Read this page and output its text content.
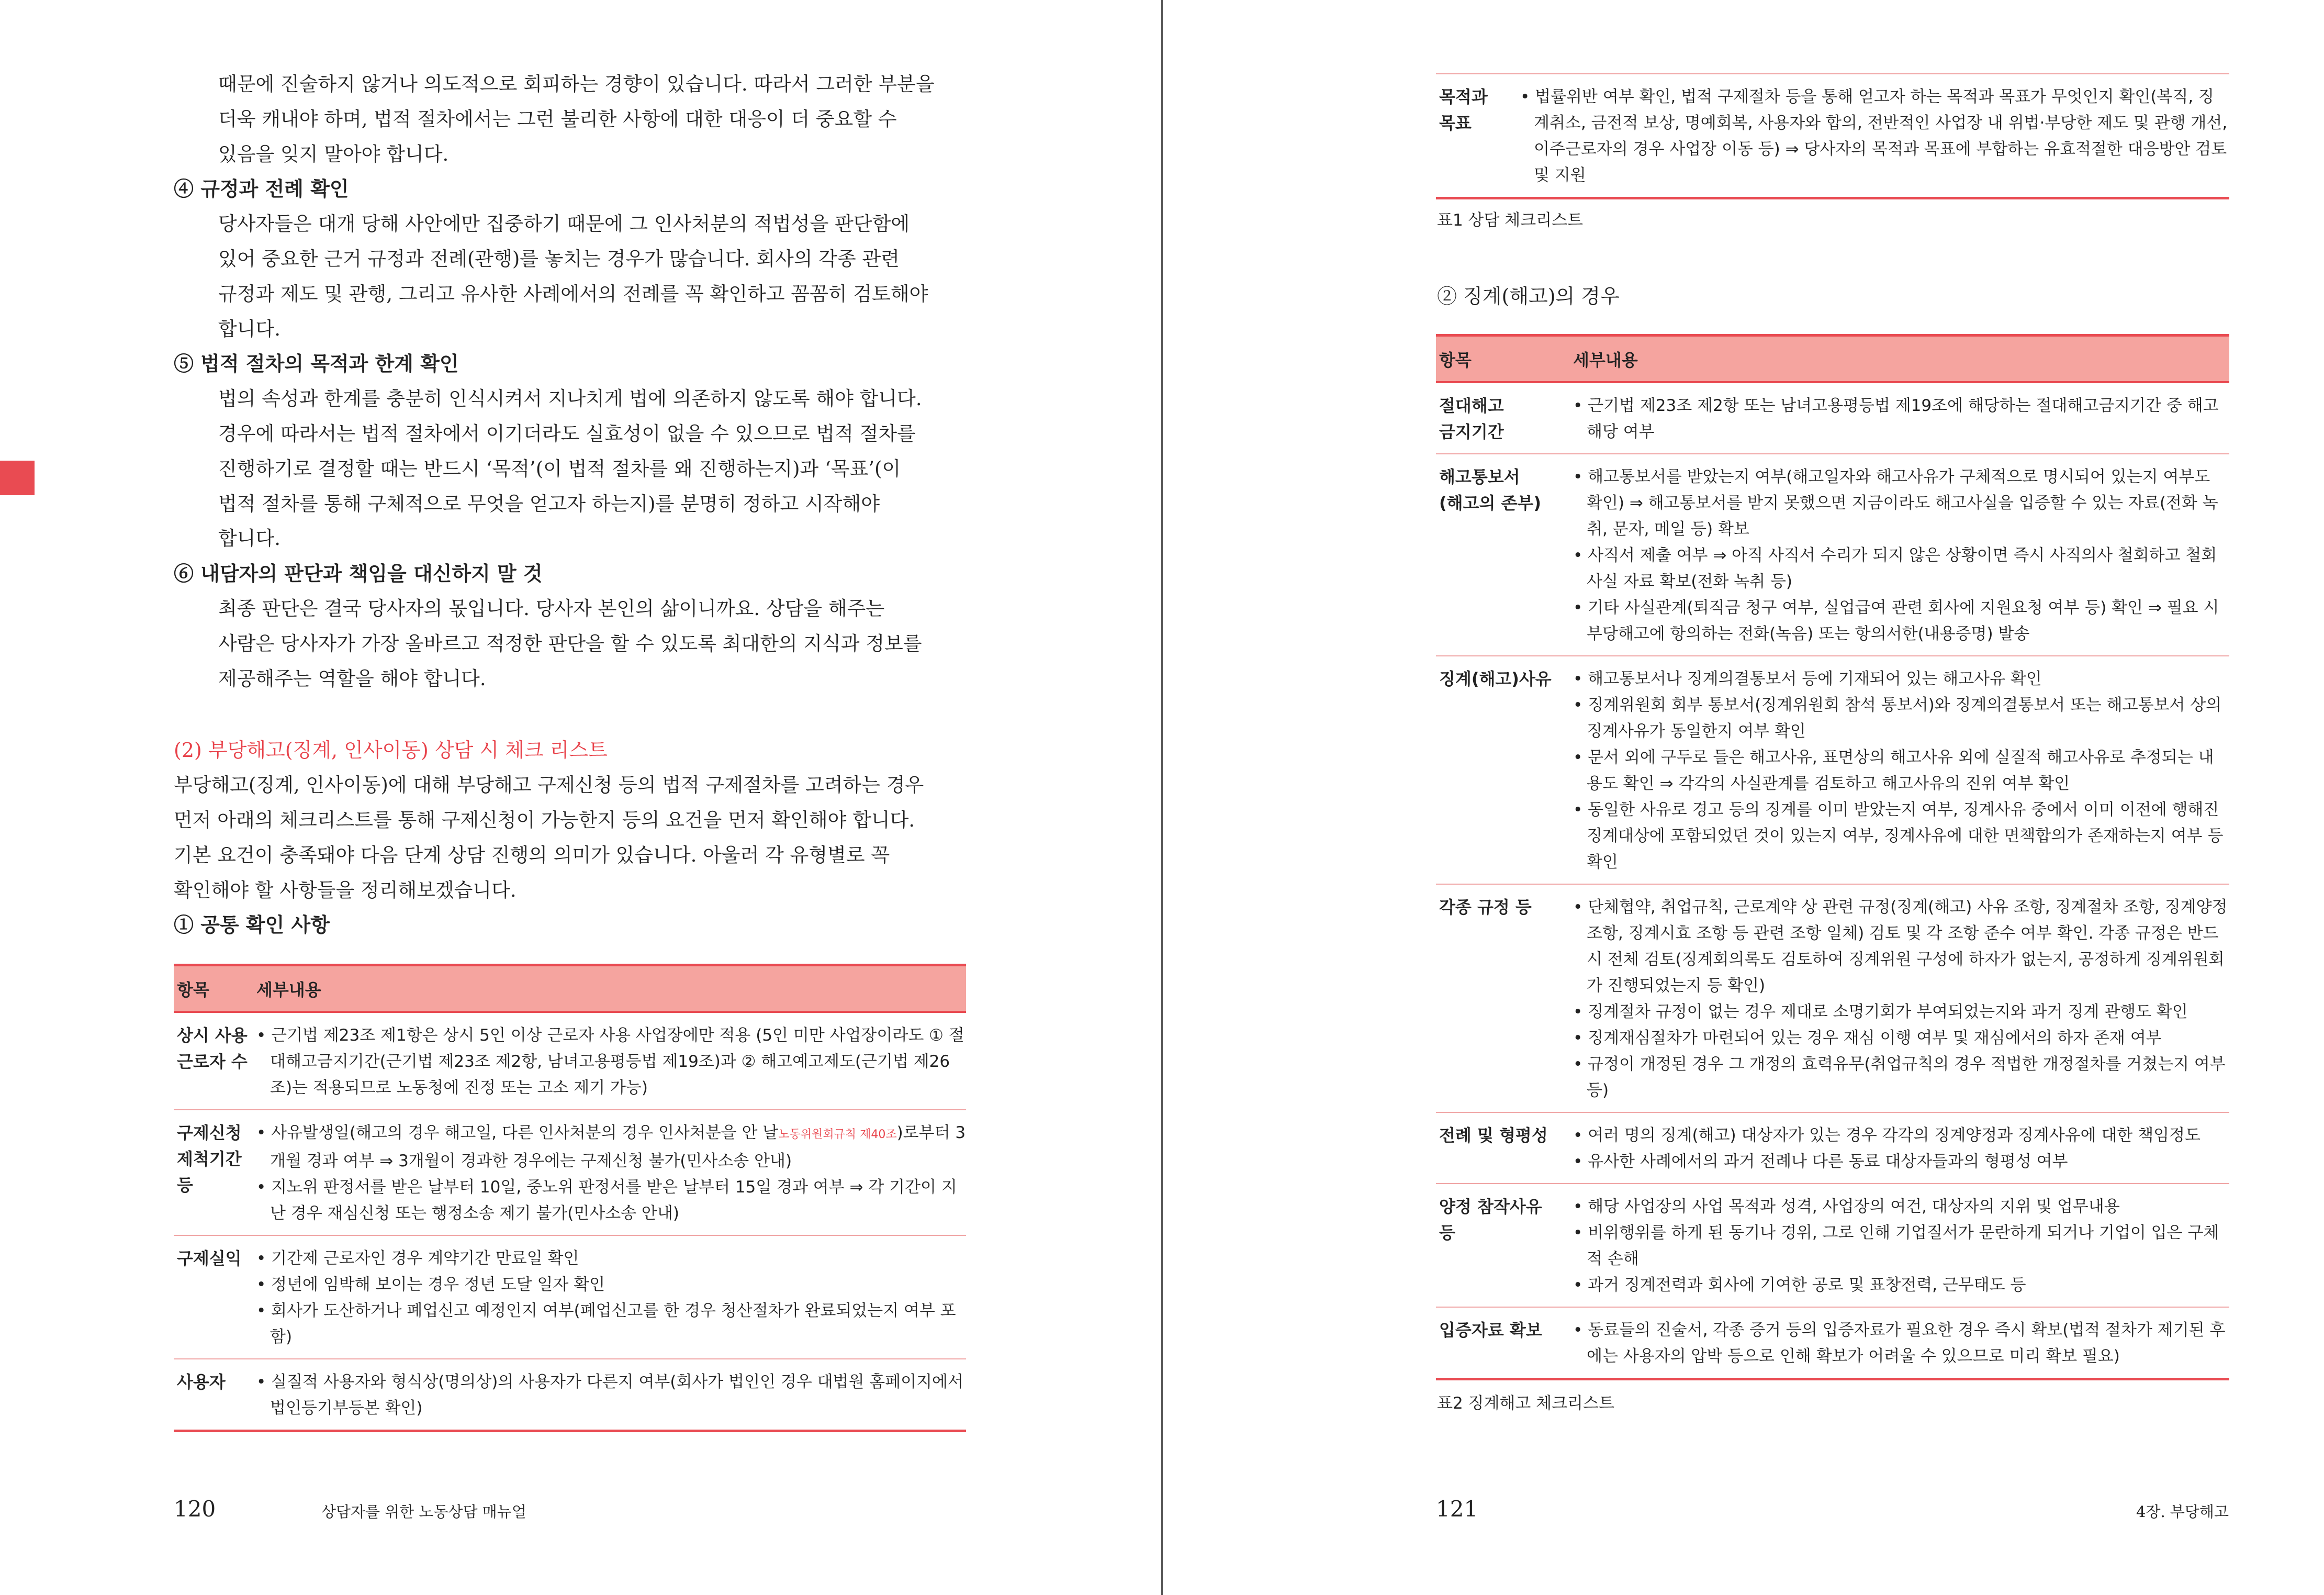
때문에 진술하지 않거나 의도적으로 회피하는 경향이 있습니다. 따라서 그러한 부분을

더욱 캐내야 하며, 법적 절차에서는 그런 불리한 사항에 대한 대응이 더 중요할 수

있음을 잊지 말아야 합니다.

④ 규정과 전례 확인

당사자들은 대개 당해 사안에만 집중하기 때문에 그 인사처분의 적법성을 판단함에

있어 중요한 근거 규정과 전례(관행)를 놓치는 경우가 많습니다. 회사의 각종 관련

규정과 제도 및 관행, 그리고 유사한 사례에서의 전례를 꼭 확인하고 꼼꼼히 검토해야

합니다.

⑤ 법적 절차의 목적과 한계 확인

법의 속성과 한계를 충분히 인식시켜서 지나치게 법에 의존하지 않도록 해야 합니다.

경우에 따라서는 법적 절차에서 이기더라도 실효성이 없을 수 있으므로 법적 절차를

진행하기로 결정할 때는 반드시 ‘목적’(이 법적 절차를 왜 진행하는지)과 ‘목표’(이

법적 절차를 통해 구체적으로 무엇을 얻고자 하는지)를 분명히 정하고 시작해야

합니다.

⑥ 내담자의 판단과 책임을 대신하지 말 것

최종 판단은 결국 당사자의 몫입니다. 당사자 본인의 삶이니까요. 상담을 해주는

사람은 당사자가 가장 올바르고 적정한 판단을 할 수 있도록 최대한의 지식과 정보를

제공해주는 역할을 해야 합니다.

(2) 부당해고(징계, 인사이동) 상담 시 체크 리스트

부당해고(징계, 인사이동)에 대해 부당해고 구제신청 등의 법적 구제절차를 고려하는 경우

먼저 아래의 체크리스트를 통해 구제신청이 가능한지 등의 요건을 먼저 확인해야 합니다.

기본 요건이 충족돼야 다음 단계 상담 진행의 의미가 있습니다. 아울러 각 유형별로 꼭

확인해야 할 사항들을 정리해보겠습니다.

① 공통 확인 사항

항목	세부내용
상시 사용
근로자 수	• 근기법 제23조 제1항은 상시 5인 이상 근로자 사용 사업장에만 적용 (5인 미만 사업장이라도 ① 절대해고금지기간(근기법 제23조 제2항, 남녀고용평등법 제19조)과 ② 해고예고제도(근기법 제26조)는 적용되므로 노동청에 진정 또는 고소 제기 가능)

구제신청
제척기간
등	• 사유발생일(해고의 경우 해고일, 다른 인사처분의 경우 인사처분을 안 날노동위원회규칙 제40조)로부터 3개월 경과 여부 ⇒ 3개월이 경과한 경우에는 구제신청 불가(민사소송 안내)
• 지노위 판정서를 받은 날부터 10일, 중노위 판정서를 받은 날부터 15일 경과 여부 ⇒ 각 기간이 지난 경우 재심신청 또는 행정소송 제기 불가(민사소송 안내)

구제실익	• 기간제 근로자인 경우 계약기간 만료일 확인
• 정년에 임박해 보이는 경우 정년 도달 일자 확인
• 회사가 도산하거나 폐업신고 예정인지 여부(폐업신고를 한 경우 청산절차가 완료되었는지 여부 포함)

사용자	• 실질적 사용자와 형식상(명의상)의 사용자가 다른지 여부(회사가 법인인 경우 대법원 홈페이지에서 법인등기부등본 확인)
120	상담자를 위한 노동상담 매뉴얼
목적과
목표	
• 법률위반 여부 확인, 법적 구제절차 등을 통해 얻고자 하는 목적과 목표가 무엇인지 확인(복직, 징계취소, 금전적 보상, 명예회복, 사용자와 합의, 전반적인 사업장 내 위법·부당한 제도 및 관행 개선, 이주근로자의 경우 사업장 이동 등) ⇒ 당사자의 목적과 목표에 부합하는 유효적절한 대응방안 검토 및 지원
표1 상담 체크리스트
② 징계(해고)의 경우
항목	세부내용
절대해고
금지기간	• 근기법 제23조 제2항 또는 남녀고용평등법 제19조에 해당하는 절대해고금지기간 중 해고 해당 여부

해고통보서
(해고의 존부)	• 해고통보서를 받았는지 여부(해고일자와 해고사유가 구체적으로 명시되어 있는지 여부도 확인) ⇒ 해고통보서를 받지 못했으면 지금이라도 해고사실을 입증할 수 있는 자료(전화 녹취, 문자, 메일 등) 확보
• 사직서 제출 여부 ⇒ 아직 사직서 수리가 되지 않은 상황이면 즉시 사직의사 철회하고 철회사실 자료 확보(전화 녹취 등)
• 기타 사실관계(퇴직금 청구 여부, 실업급여 관련 회사에 지원요청 여부 등) 확인 ⇒ 필요 시 부당해고에 항의하는 전화(녹음) 또는 항의서한(내용증명) 발송

징계(해고)사유	• 해고통보서나 징계의결통보서 등에 기재되어 있는 해고사유 확인
• 징계위원회 회부 통보서(징계위원회 참석 통보서)와 징계의결통보서 또는 해고통보서 상의 징계사유가 동일한지 여부 확인
• 문서 외에 구두로 들은 해고사유, 표면상의 해고사유 외에 실질적 해고사유로 추정되는 내용도 확인 ⇒ 각각의 사실관계를 검토하고 해고사유의 진위 여부 확인
• 동일한 사유로 경고 등의 징계를 이미 받았는지 여부, 징계사유 중에서 이미 이전에 행해진 징계대상에 포함되었던 것이 있는지 여부, 징계사유에 대한 면책합의가 존재하는지 여부 등 확인

각종 규정 등	• 단체협약, 취업규칙, 근로계약 상 관련 규정(징계(해고) 사유 조항, 징계절차 조항, 징계양정 조항, 징계시효 조항 등 관련 조항 일체) 검토 및 각 조항 준수 여부 확인. 각종 규정은 반드시 전체 검토(징계회의록도 검토하여 징계위원 구성에 하자가 없는지, 공정하게 징계위원회가 진행되었는지 등 확인)
• 징계절차 규정이 없는 경우 제대로 소명기회가 부여되었는지와 과거 징계 관행도 확인
• 징계재심절차가 마련되어 있는 경우 재심 이행 여부 및 재심에서의 하자 존재 여부
• 규정이 개정된 경우 그 개정의 효력유무(취업규칙의 경우 적법한 개정절차를 거쳤는지 여부 등)

전례 및 형평성	• 여러 명의 징계(해고) 대상자가 있는 경우 각각의 징계양정과 징계사유에 대한 책임정도
• 유사한 사례에서의 과거 전례나 다른 동료 대상자들과의 형평성 여부

양정 참작사유
등	• 해당 사업장의 사업 목적과 성격, 사업장의 여건, 대상자의 지위 및 업무내용
• 비위행위를 하게 된 동기나 경위, 그로 인해 기업질서가 문란하게 되거나 기업이 입은 구체적 손해
• 과거 징계전력과 회사에 기여한 공로 및 표창전력, 근무태도 등

입증자료 확보	• 동료들의 진술서, 각종 증거 등의 입증자료가 필요한 경우 즉시 확보(법적 절차가 제기된 후에는 사용자의 압박 등으로 인해 확보가 어려울 수 있으므로 미리 확보 필요)
표2 징계해고 체크리스트
121	4장. 부당해고
